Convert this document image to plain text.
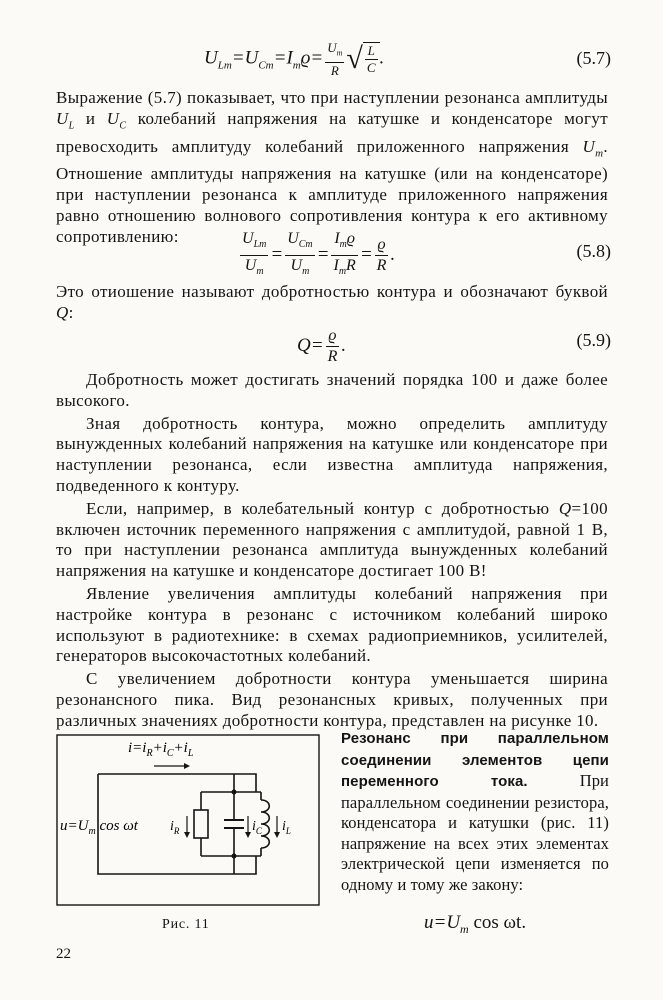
$U_{Lm}=U_{Cm}=I_mϱ= \frac{U_m}{R}$ √ $\frac{L}{C}$ .	(5.7)

Выражение (5.7) показывает, что при наступлении резонанса амплитуды $U_L$ и $U_C$ колебаний напряжения на катушке и конденсаторе могут превосходить амплитуду колебаний приложенного напряжения $U_m$. Отношение амплитуды напряжения на катушке (или на конденсаторе) при наступлении резонанса к амплитуде приложенного напряжения равно отношению волнового сопротивления контура к его активному сопротивлению:	$\frac{U_{Lm}}{U_m} = \frac{U_{Cm}}{U_m} = \frac{I_mϱ}{I_mR} = \frac{ϱ}{R}$ .	(5.8)

Это отиошение называют добротностью контура и обозначают буквой Q:

$Q= \frac{ϱ}{R}$ .	(5.9)

Добротность может достигать значений порядка 100 и даже более высокого.

Зная добротность контура, можно определить амплитуду вынужденных колебаний напряжения на катушке или конденсаторе при наступлении резонанса, если известна амплитуда напряжения, подведенного к контуру.

Если, например, в колебательный контур с добротностью Q=100 включен источник переменного напряжения с амплитудой, равной 1 В, то при наступлении резонанса амплитуда вынужденных колебаний напряжения на катушке и конденсаторе достигает 100 В!

Явление увеличения амплитуды колебаний напряжения при настройке контура в резонанс с источником колебаний широко используют в радиотехнике: в схемах радиоприемников, усилителей, генераторов высокочастотных колебаний.

С увеличением добротности контура уменьшается ширина резонансного пика. Вид резонансных кривых, полученных при различных значениях добротности контура, представлен на рисунке 10.

$i=i_R+i_C+i_L$
$u=U_m$ cos ωt $i_R$	$i_C$ $i_L$
Рис. 11
Резонанс при параллельном соединении элементов цепи переменного тока. При параллельном соединении резистора, конденсатора и катушки (рис. 11) напряжение на всех этих элементах электрической цепи изменяется по одному и тому же закону:
$u=U_m$ cos ωt.
22
